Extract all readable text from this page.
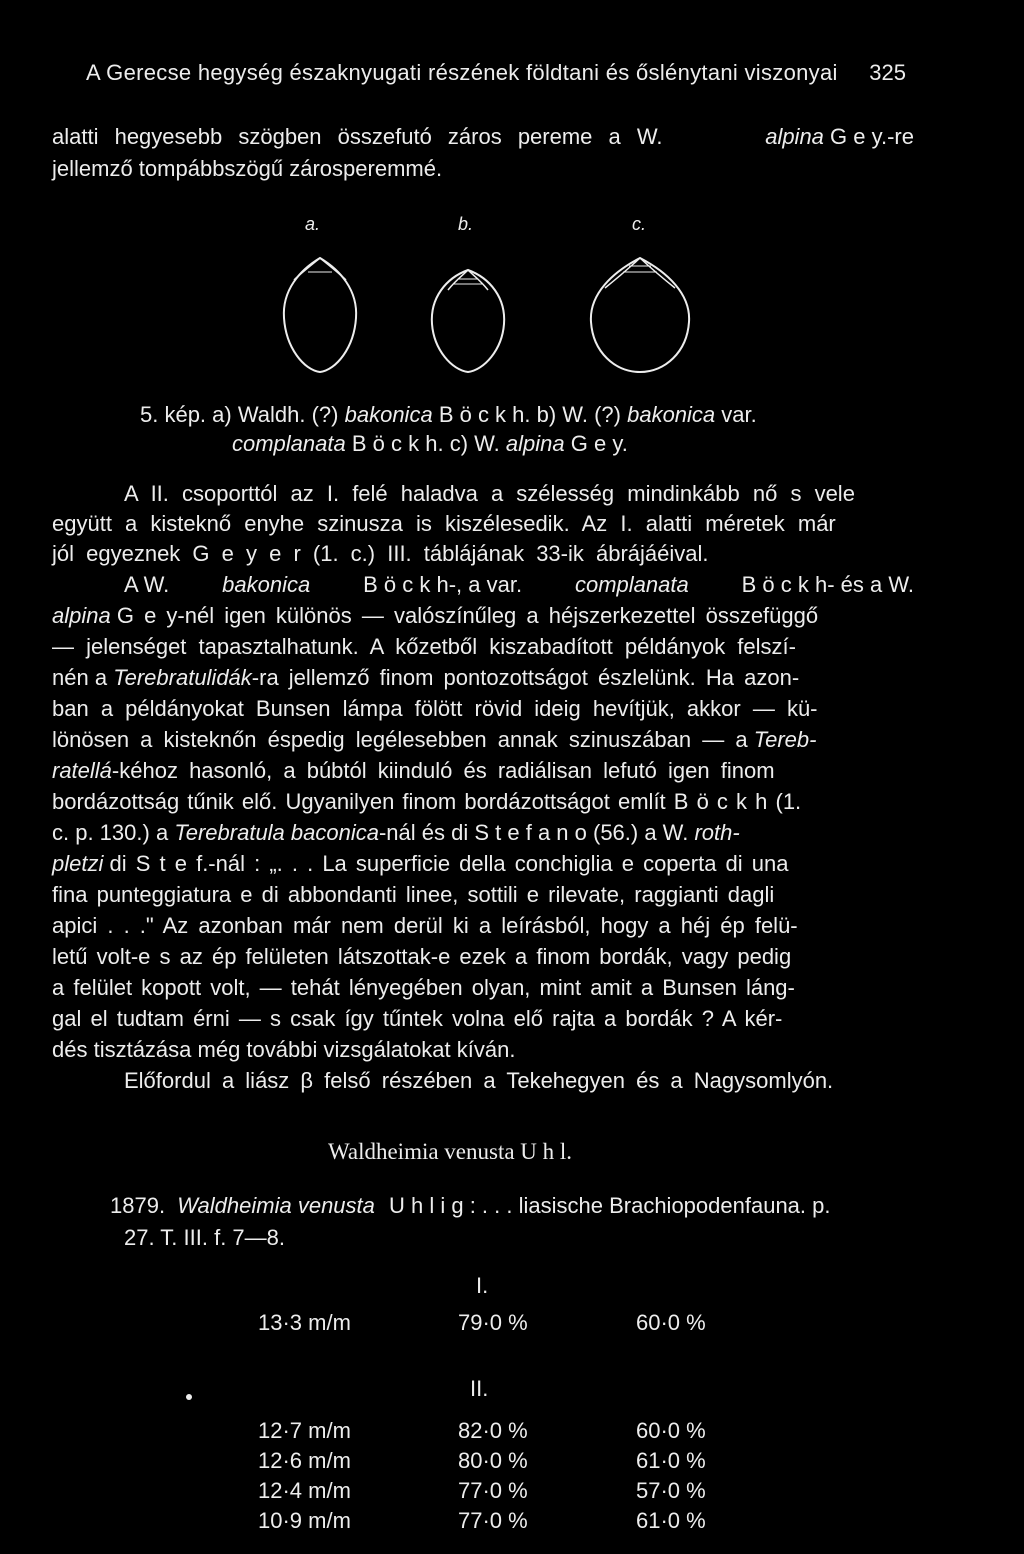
A Gerecse hegység északnyugati részének földtani és őslénytani viszonyai 325
alatti hegyesebb szögben összefutó záros pereme a W.	alpina G e y.-re
jellemző tompábbszögű zárosperemmé.
a.	b.	c.
5. kép. a) Waldh. (?) bakonica B ö c k h. b) W. (?) bakonica var.
complanata B ö c k h. c) W. alpina G e y.
A II. csoporttól az I. felé haladva a szélesség mindinkább nő s vele
együtt a kisteknő enyhe szinusza is kiszélesedik. Az I. alatti méretek már
jól egyeznek G e y e r (1. c.) III. táblájának 33-ik ábrájáéival.
A W. bakonica B ö c k h-, a var. complanata B ö c k h- és a W.
alpina G e y-nél igen különös — valószínűleg a héjszerkezettel összefüggő
— jelenséget tapasztalhatunk. A kőzetből kiszabadított példányok felszí-
nén a Terebratulidák-ra jellemző finom pontozottságot észlelünk. Ha azon-
ban a példányokat Bunsen lámpa fölött rövid ideig hevítjük, akkor — kü-
lönösen a kisteknőn éspedig legélesebben annak szinuszában — a Tereb-
ratellá-kéhoz hasonló, a búbtól kiinduló és radiálisan lefutó igen finom
bordázottság tűnik elő. Ugyanilyen finom bordázottságot említ B ö c k h (1.
c. p. 130.) a Terebratula baconica-nál és di S t e f a n o (56.) a W. roth-
pletzi di S t e f.-nál : „. . . La superficie della conchiglia e coperta di una
fina punteggiatura e di abbondanti linee, sottili e rilevate, raggianti dagli
apici . . ." Az azonban már nem derül ki a leírásból, hogy a héj ép felü-
letű volt-e s az ép felületen látszottak-e ezek a finom bordák, vagy pedig
a felület kopott volt, — tehát lényegében olyan, mint amit a Bunsen láng-
gal el tudtam érni — s csak így tűntek volna elő rajta a bordák ? A kér-
dés tisztázása még további vizsgálatokat kíván.
Előfordul a liász β felső részében a Tekehegyen és a Nagysomlyón.
Waldheimia venusta U h l.
1879. Waldheimia venusta U h l i g : . . . liasische Brachiopodenfauna. p.
27. T. III. f. 7—8.
I.
13·3 m/m	79·0 %	60·0 %
II.
12·7 m/m	82·0 %	60·0 %
12·6 m/m	80·0 %	61·0 %
12·4 m/m	77·0 %	57·0 %
10·9 m/m	77·0 %	61·0 %
